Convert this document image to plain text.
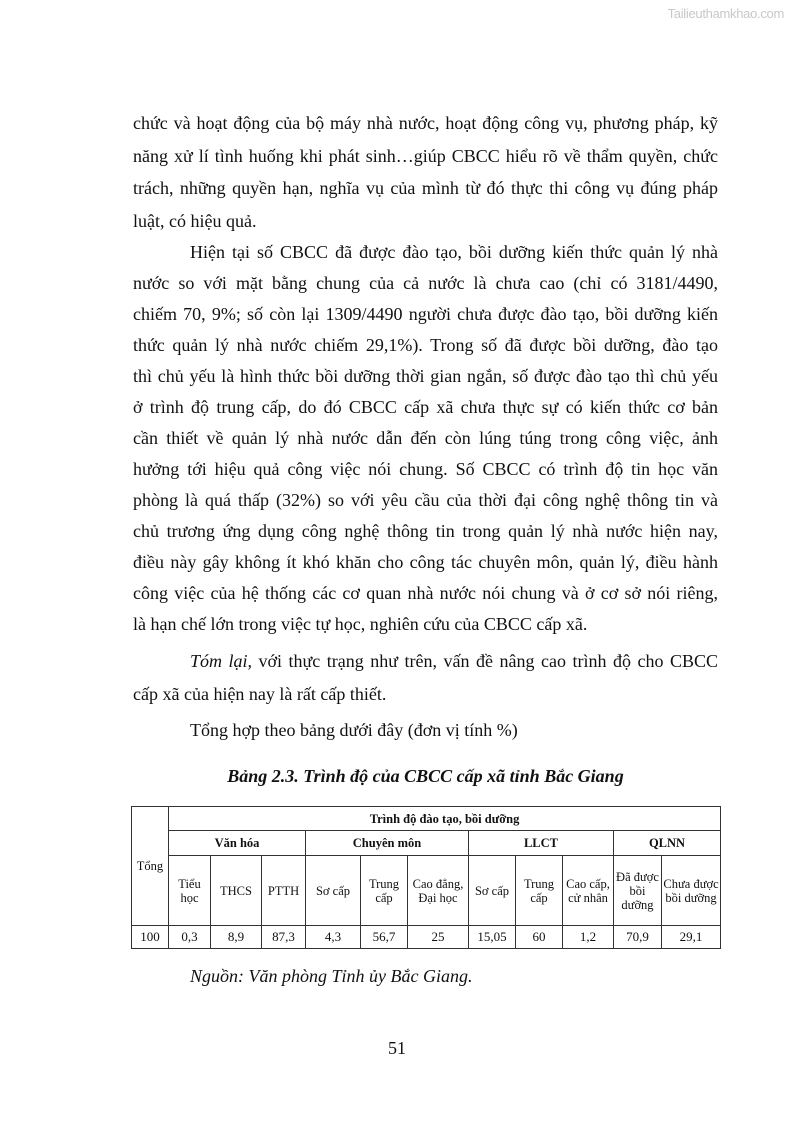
Tailieuthamkhao.com
chức và hoạt động của bộ máy nhà nước, hoạt động công vụ, phương pháp, kỹ
năng xử lí tình huống khi phát sinh…giúp CBCC hiểu rõ về thẩm quyền, chức
trách, những quyền hạn, nghĩa vụ của mình từ đó thực thi công vụ đúng pháp
luật, có hiệu quả.
Hiện tại số CBCC đã được đào tạo, bồi dưỡng kiến thức quản lý nhà
nước so với mặt bằng chung của cả nước là chưa cao (chỉ có 3181/4490,
chiếm 70, 9%; số còn lại 1309/4490 người chưa được đào tạo, bồi dưỡng kiến
thức quản lý nhà nước chiếm 29,1%). Trong số đã được bồi dưỡng, đào tạo
thì chủ yếu là hình thức bồi dưỡng thời gian ngắn, số được đào tạo thì chủ yếu
ở trình độ trung cấp, do đó CBCC cấp xã chưa thực sự có kiến thức cơ bản
cần thiết về quản lý nhà nước dẫn đến còn lúng túng trong công việc, ảnh
hưởng tới hiệu quả công việc nói chung. Số CBCC có trình độ tin học văn
phòng là quá thấp (32%) so với yêu cầu của thời đại công nghệ thông tin và
chủ trương ứng dụng công nghệ thông tin trong quản lý nhà nước hiện nay,
điều này gây không ít khó khăn cho công tác chuyên môn, quản lý, điều hành
công việc của hệ thống các cơ quan nhà nước nói chung và ở cơ sở nói riêng,
là hạn chế lớn trong việc tự học, nghiên cứu của CBCC cấp xã.
Tóm lại, với thực trạng như trên, vấn đề nâng cao trình độ cho CBCC
cấp xã của hiện nay là rất cấp thiết.
Tổng hợp theo bảng dưới đây (đơn vị tính %)
Bảng 2.3. Trình độ của CBCC cấp xã tỉnh Bắc Giang
Tổng	Trình độ đào tạo, bồi dưỡng										
	Văn hóa			Chuyên môn			LLCT			QLNN	
	Tiểu học	THCS	PTTH	Sơ cấp	Trung cấp	Cao đẳng, Đại học	Sơ cấp	Trung cấp	Cao cấp, cử nhân	Đã được bồi dưỡng	Chưa được bồi dưỡng
100	0,3	8,9	87,3	4,3	56,7	25	15,05	60	1,2	70,9	29,1
Nguồn: Văn phòng Tỉnh ủy Bắc Giang.
51
